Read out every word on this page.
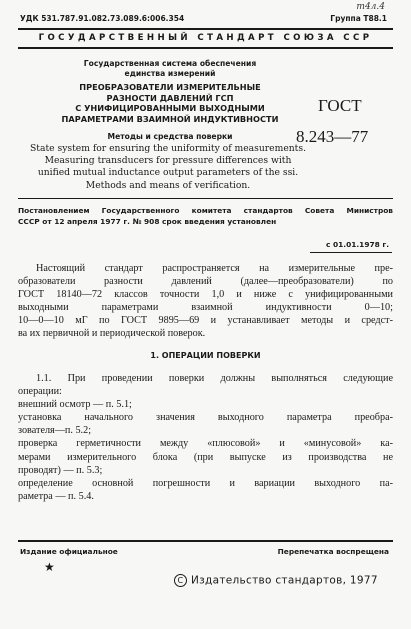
УДК 531.787.91.082.73.089.6:006.354
т4л.4
Группа Т88.1
ГОСУДАРСТВЕННЫЙ СТАНДАРТ СОЮЗА ССР
Государственная система обеспечения
единства измерений
ПРЕОБРАЗОВАТЕЛИ ИЗМЕРИТЕЛЬНЫЕ
РАЗНОСТИ ДАВЛЕНИЙ ГСП
С УНИФИЦИРОВАННЫМИ ВЫХОДНЫМИ
ПАРАМЕТРАМИ ВЗАИМНОЙ ИНДУКТИВНОСТИ
Методы и средства поверки
ГОСТ
8.243—77
State system for ensuring the uniformity of measurements.
Measuring transducers for pressure differences with
unified mutual inductance output parameters of the ssi.
Methods and means of verification.
Постановлением Государственного комитета стандартов Совета Министров
СССР от 12 апреля 1977 г. № 908 срок введения установлен
с 01.01.1978 г.
Настоящий стандарт распространяется на измерительные пре-
образователи разности давлений (далее—преобразователи) по
ГОСТ 18140—72 классов точности 1,0 и ниже с унифицированными
выходными параметрами взаимной индуктивности 0—10;
10—0—10 мГ по ГОСТ 9895—69 и устанавливает методы и средст-
ва их первичной и периодической поверок.
1. ОПЕРАЦИИ ПОВЕРКИ
1.1. При проведении поверки должны выполняться следующие
операции:
внешний осмотр — п. 5.1;
установка начального значения выходного параметра преобра-
зователя—п. 5.2;
проверка герметичности между «плюсовой» и «минусовой» ка-
мерами измерительного блока (при выпуске из производства не
проводят) — п. 5.3;
определение основной погрешности и вариации выходного па-
раметра — п. 5.4.
Издание официальное	Перепечатка воспрещена
★
C Издательство стандартов, 1977
